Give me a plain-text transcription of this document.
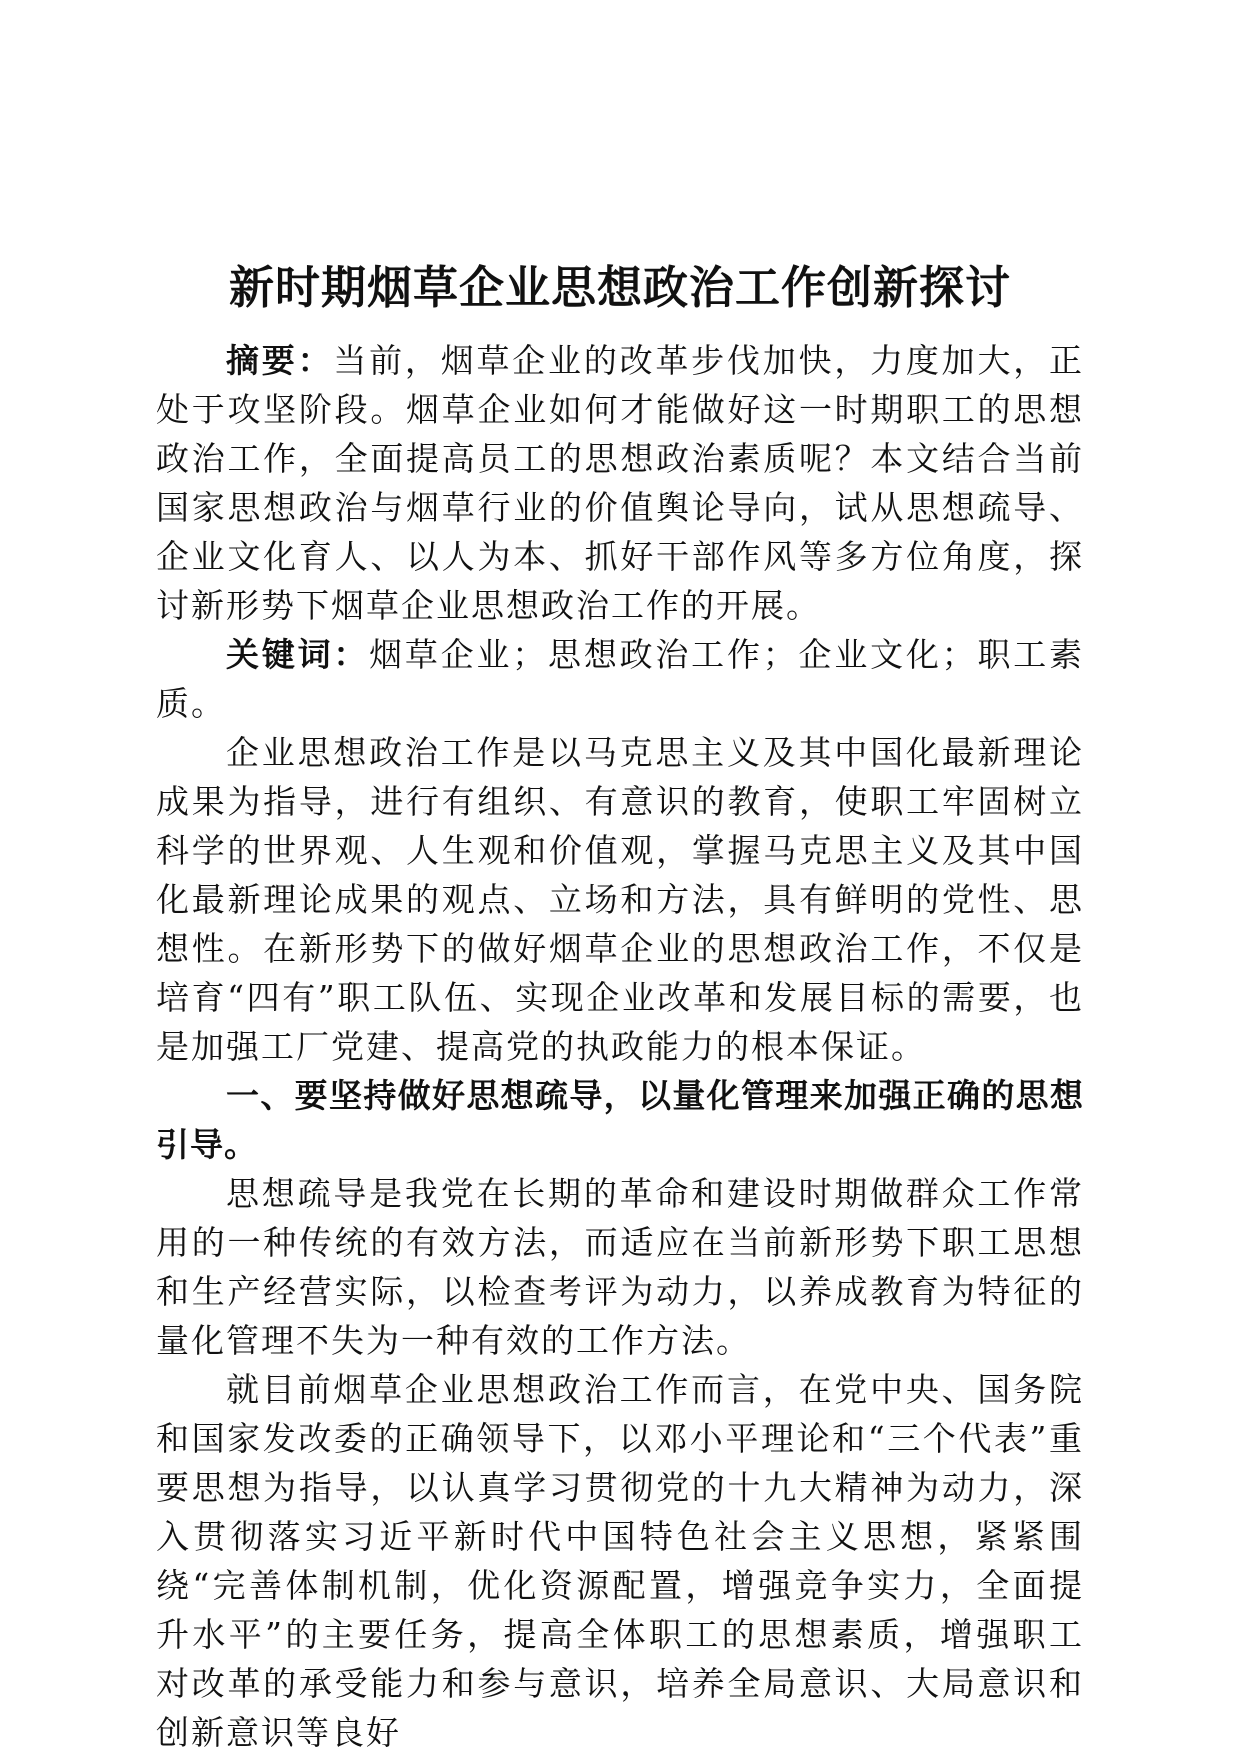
新时期烟草企业思想政治工作创新探讨

摘要：当前，烟草企业的改革步伐加快，力度加大，正处于攻坚阶段。烟草企业如何才能做好这一时期职工的思想政治工作，全面提高员工的思想政治素质呢？本文结合当前国家思想政治与烟草行业的价值舆论导向，试从思想疏导、企业文化育人、以人为本、抓好干部作风等多方位角度，探讨新形势下烟草企业思想政治工作的开展。

关键词：烟草企业；思想政治工作；企业文化；职工素质。

企业思想政治工作是以马克思主义及其中国化最新理论成果为指导，进行有组织、有意识的教育，使职工牢固树立科学的世界观、人生观和价值观，掌握马克思主义及其中国化最新理论成果的观点、立场和方法，具有鲜明的党性、思想性。在新形势下的做好烟草企业的思想政治工作，不仅是培育“四有”职工队伍、实现企业改革和发展目标的需要，也是加强工厂党建、提高党的执政能力的根本保证。

一、要坚持做好思想疏导，以量化管理来加强正确的思想引导。

思想疏导是我党在长期的革命和建设时期做群众工作常用的一种传统的有效方法，而适应在当前新形势下职工思想和生产经营实际，以检查考评为动力，以养成教育为特征的量化管理不失为一种有效的工作方法。

就目前烟草企业思想政治工作而言，在党中央、国务院和国家发改委的正确领导下，以邓小平理论和“三个代表”重要思想为指导，以认真学习贯彻党的十九大精神为动力，深入贯彻落实习近平新时代中国特色社会主义思想，紧紧围绕“完善体制机制，优化资源配置，增强竞争实力，全面提升水平”的主要任务，提高全体职工的思想素质，增强职工对改革的承受能力和参与意识，培养全局意识、大局意识和创新意识等良好
